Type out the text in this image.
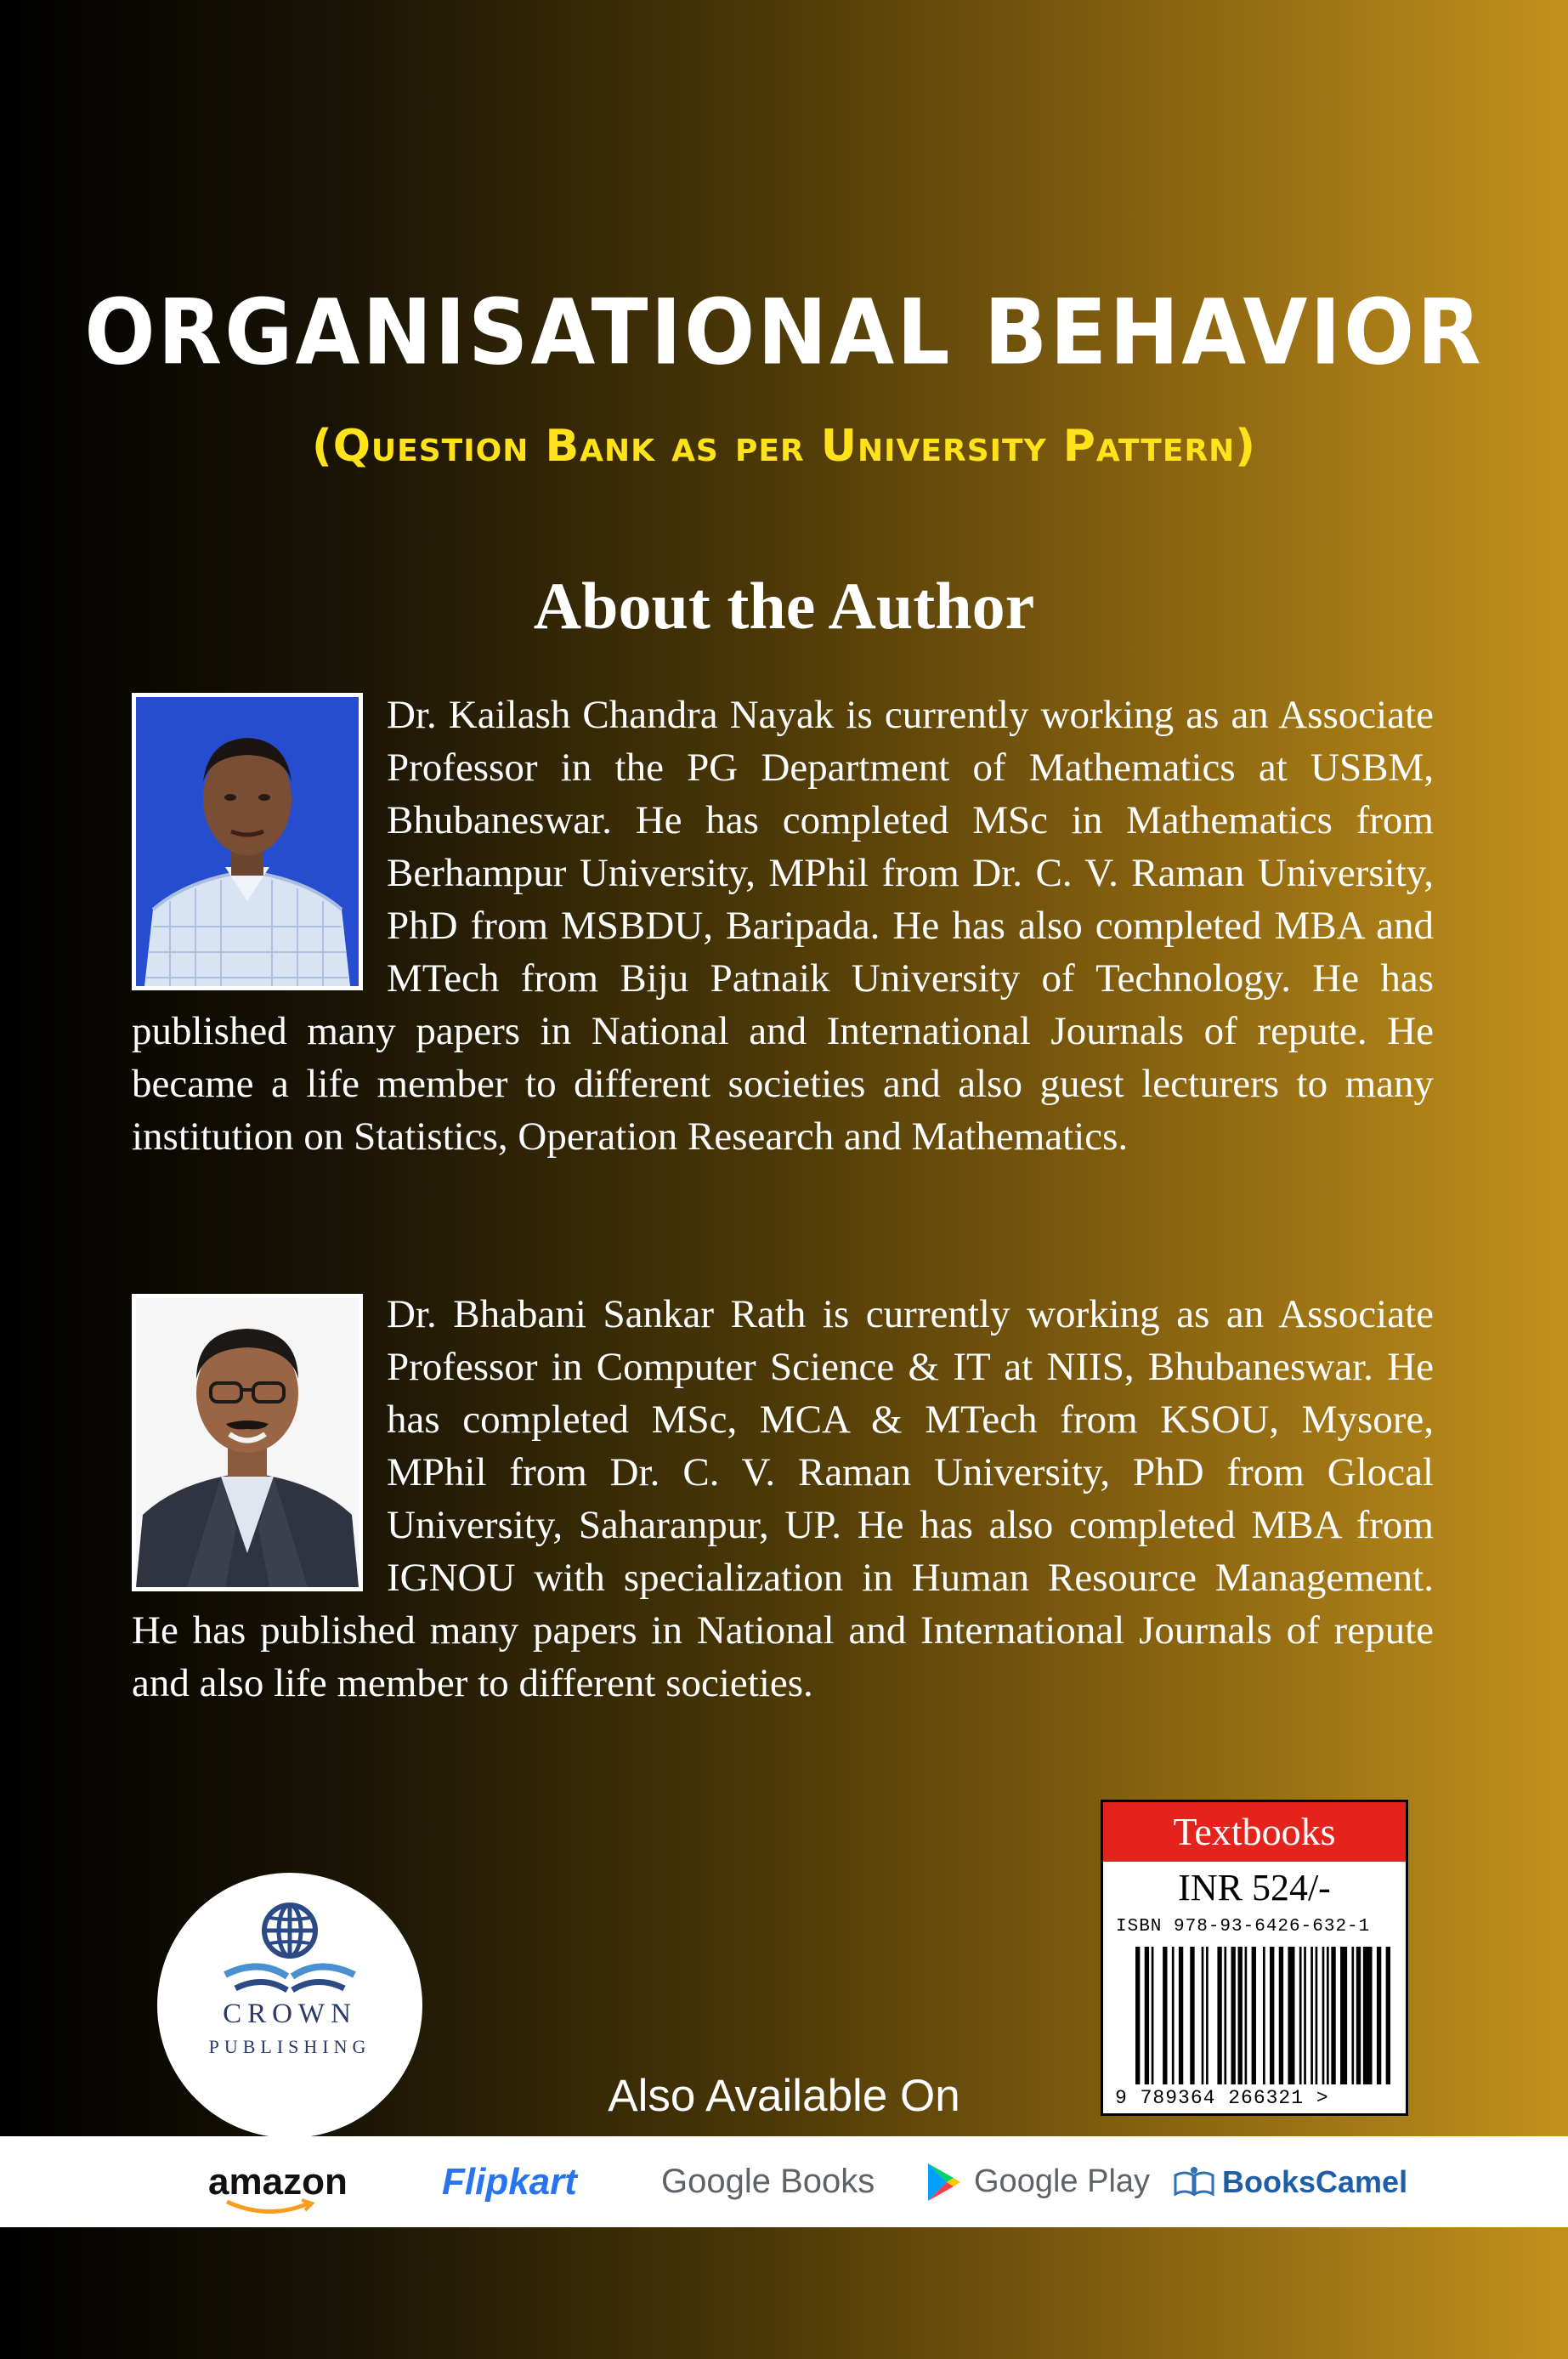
ORGANISATIONAL BEHAVIOR
(Question Bank as per University Pattern)
About the Author

Dr. Kailash Chandra Nayak is currently working as an Associate Professor in the PG Department of Mathematics at USBM, Bhubaneswar. He has completed MSc in Mathematics from Berhampur University, MPhil from Dr. C. V. Raman University, PhD from MSBDU, Baripada. He has also completed MBA and MTech from Biju Patnaik University of Technology. He has published many papers in National and International Journals of repute. He became a life member to different societies and also guest lecturers to many institution on Statistics, Operation Research and Mathematics.

Dr. Bhabani Sankar Rath is currently working as an Associate Professor in Computer Science & IT at NIIS, Bhubaneswar. He has completed MSc, MCA & MTech from KSOU, Mysore, MPhil from Dr. C. V. Raman University, PhD from Glocal University, Saharanpur, UP. He has also completed MBA from IGNOU with specialization in Human Resource Management. He has published many papers in National and International Journals of repute and also life member to different societies.

CROWN
PUBLISHING
Textbooks
INR 524/-
ISBN 978-93-6426-632-1
9 789364 266321 >
Also Available On
amazon	Flipkart Google Books	Google Play BooksCamel
